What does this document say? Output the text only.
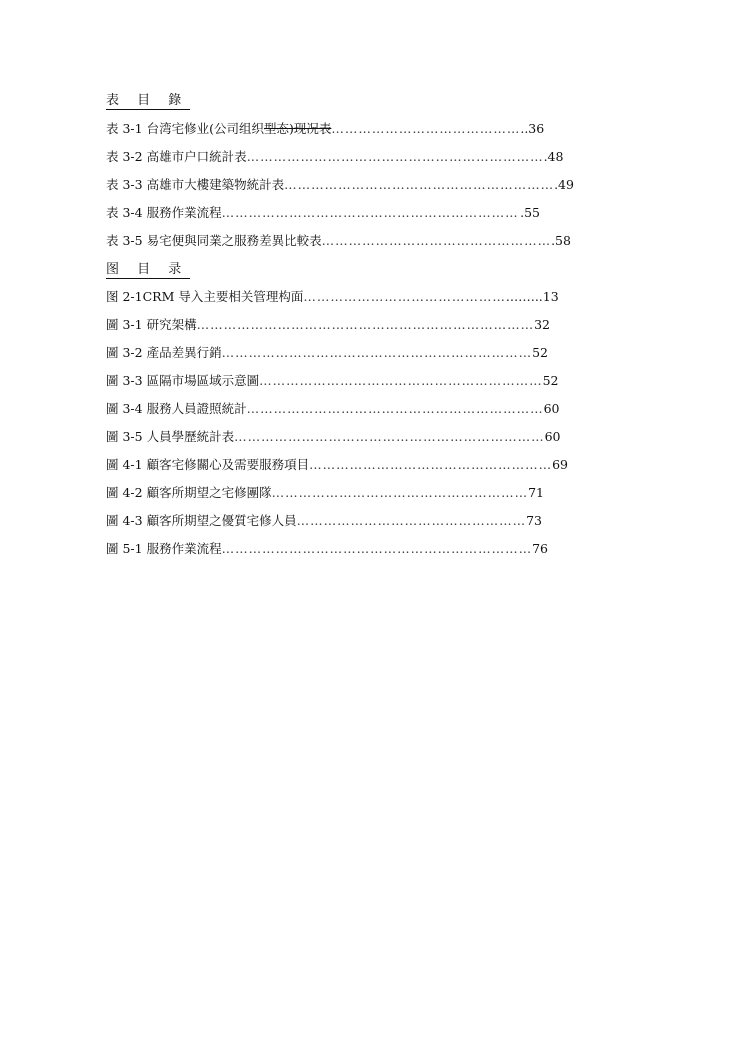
表 目 錄
表 3-1 台湾宅修业(公司组织型态)现况表 …………………………………… ..36
表 3-2 高雄市户口統計表 ………………………………………………………… .48
表 3-3 高雄市大樓建築物統計表 …………………………………………………… .49
表 3-4 服務作業流程 ………………………………………………………… .55
表 3-5 易宅便與同業之服務差異比較表 …………………………………………… .58
图 目 录
图 2-1CRM 导入主要相关管理构面 ……………………………………… .……..13
圖 3-1 研究架構 ………………………………………………………………… 32
圖 3-2 產品差異行銷 …………………………………………………………… 52
圖 3-3 區隔市場區域示意圖 ……………………………………………………… 52
圖 3-4 服務人員證照統計 ………………………………………………………… 60
圖 3-5 人員學歷統計表 …………………………………………………………… 60
圖 4-1 顧客宅修關心及需要服務項目 ……………………………………………… 69
圖 4-2 顧客所期望之宅修團隊 ………………………………………………… 71
圖 4-3 顧客所期望之優質宅修人員 …………………………………………… 73
圖 5-1 服務作業流程 …………………………………………………………… 76
